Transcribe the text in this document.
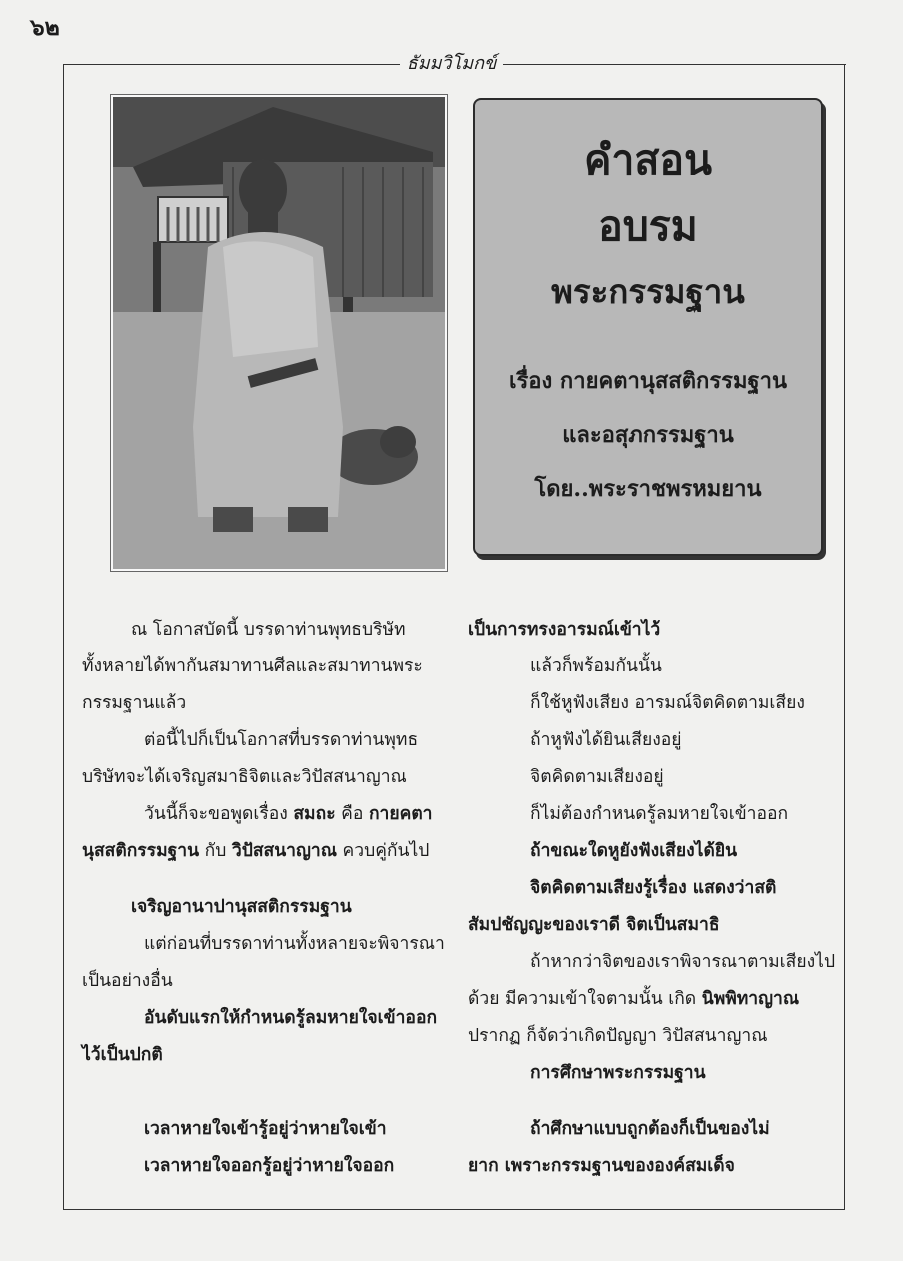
๖๒
ธัมมวิโมกข์
คำสอน
อบรม
พระกรรมฐาน
เรื่อง กายคตานุสสติกรรมฐาน
และอสุภกรรมฐาน
โดย..พระราชพรหมยาน
ณ โอกาสบัดนี้ บรรดาท่านพุทธบริษัท
ทั้งหลายได้พากันสมาทานศีลและสมาทานพระ
กรรมฐานแล้ว
ต่อนี้ไปก็เป็นโอกาสที่บรรดาท่านพุทธ
บริษัทจะได้เจริญสมาธิจิตและวิปัสสนาญาณ
วันนี้ก็จะขอพูดเรื่อง สมถะ คือ กายคตา
นุสสติกรรมฐาน กับ วิปัสสนาญาณ ควบคู่กันไป
เจริญอานาปานุสสติกรรมฐาน
แต่ก่อนที่บรรดาท่านทั้งหลายจะพิจารณา
เป็นอย่างอื่น
อันดับแรกให้กำหนดรู้ลมหายใจเข้าออก
ไว้เป็นปกติ
เวลาหายใจเข้ารู้อยู่ว่าหายใจเข้า
เวลาหายใจออกรู้อยู่ว่าหายใจออก
เป็นการทรงอารมณ์เข้าไว้
แล้วก็พร้อมกันนั้น
ก็ใช้หูฟังเสียง อารมณ์จิตคิดตามเสียง
ถ้าหูฟังได้ยินเสียงอยู่
จิตคิดตามเสียงอยู่
ก็ไม่ต้องกำหนดรู้ลมหายใจเข้าออก
ถ้าขณะใดหูยังฟังเสียงได้ยิน
จิตคิดตามเสียงรู้เรื่อง แสดงว่าสติ
สัมปชัญญะของเราดี จิตเป็นสมาธิ
ถ้าหากว่าจิตของเราพิจารณาตามเสียงไป
ด้วย มีความเข้าใจตามนั้น เกิด นิพพิทาญาณ
ปรากฏ ก็จัดว่าเกิดปัญญา วิปัสสนาญาณ
การศึกษาพระกรรมฐาน
ถ้าศึกษาแบบถูกต้องก็เป็นของไม่
ยาก เพราะกรรมฐานขององค์สมเด็จ
